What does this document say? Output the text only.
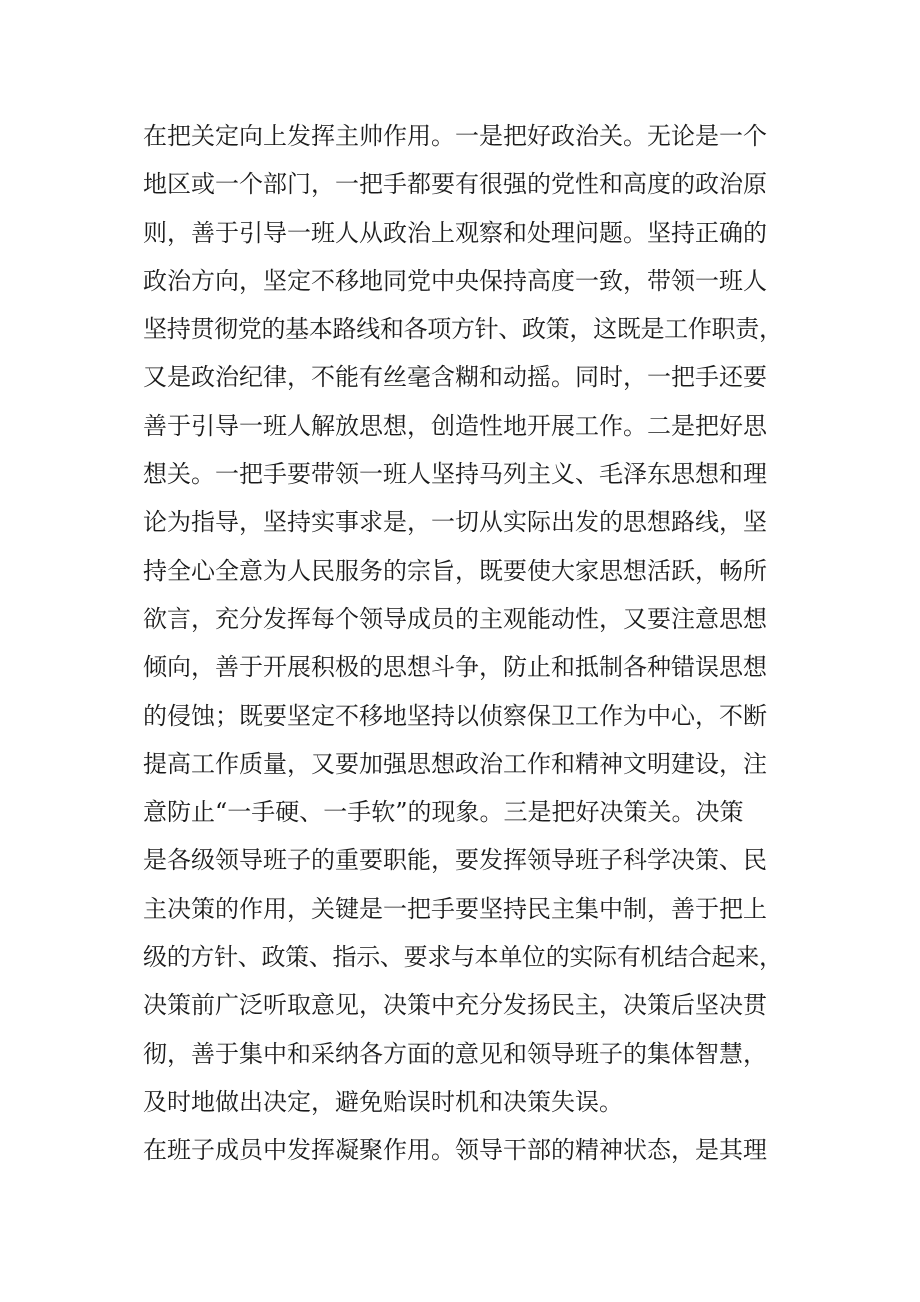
在把关定向上发挥主帅作用。一是把好政治关。无论是一个
地区或一个部门，一把手都要有很强的党性和高度的政治原
则，善于引导一班人从政治上观察和处理问题。坚持正确的
政治方向，坚定不移地同党中央保持高度一致，带领一班人
坚持贯彻党的基本路线和各项方针、政策，这既是工作职责，
又是政治纪律，不能有丝毫含糊和动摇。同时，一把手还要
善于引导一班人解放思想，创造性地开展工作。二是把好思
想关。一把手要带领一班人坚持马列主义、毛泽东思想和理
论为指导，坚持实事求是，一切从实际出发的思想路线，坚
持全心全意为人民服务的宗旨，既要使大家思想活跃，畅所
欲言，充分发挥每个领导成员的主观能动性，又要注意思想
倾向，善于开展积极的思想斗争，防止和抵制各种错误思想
的侵蚀；既要坚定不移地坚持以侦察保卫工作为中心，不断
提高工作质量，又要加强思想政治工作和精神文明建设，注
意防止“一手硬、一手软”的现象。三是把好决策关。决策
是各级领导班子的重要职能，要发挥领导班子科学决策、民
主决策的作用，关键是一把手要坚持民主集中制，善于把上
级的方针、政策、指示、要求与本单位的实际有机结合起来，
决策前广泛听取意见，决策中充分发扬民主，决策后坚决贯
彻，善于集中和采纳各方面的意见和领导班子的集体智慧，
及时地做出决定，避免贻误时机和决策失误。
在班子成员中发挥凝聚作用。领导干部的精神状态，是其理
